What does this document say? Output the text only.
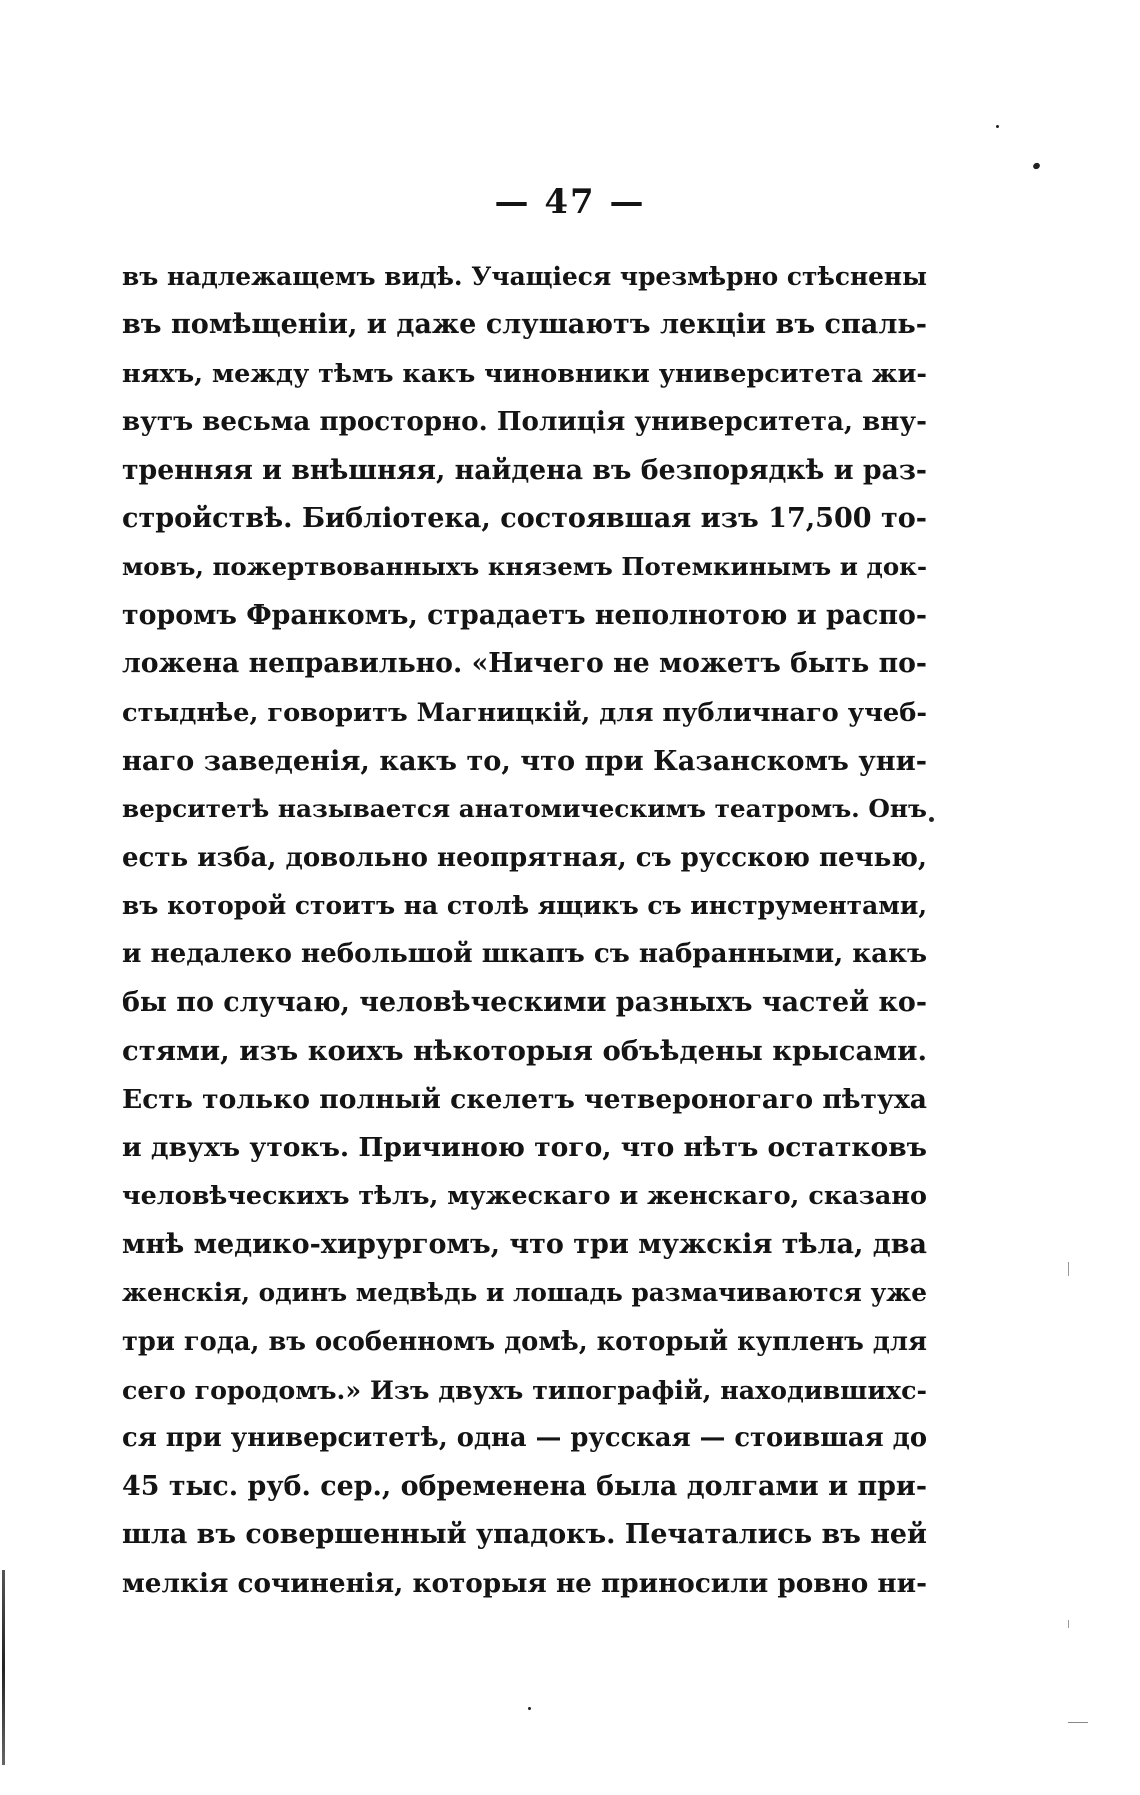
— 47 —
въ надлежащемъ видѣ. Учащіеся чрезмѣрно стѣснены
въ помѣщеніи, и даже слушаютъ лекціи въ спаль-
няхъ, между тѣмъ какъ чиновники университета жи-
вутъ весьма просторно. Полиція университета, вну-
тренняя и внѣшняя, найдена въ безпорядкѣ и раз-
стройствѣ. Библіотека, состоявшая изъ 17,500 то-
мовъ, пожертвованныхъ княземъ Потемкинымъ и док-
торомъ Франкомъ, страдаетъ неполнотою и распо-
ложена неправильно. «Ничего не можетъ быть по-
стыднѣе, говоритъ Магницкій, для публичнаго учеб-
наго заведенія, какъ то, что при Казанскомъ уни-
верситетѣ называется анатомическимъ театромъ. Онъ
есть изба, довольно неопрятная, съ русскою печью,
въ которой стоитъ на столѣ ящикъ съ инструментами,
и недалеко небольшой шкапъ съ набранными, какъ
бы по случаю, человѣческими разныхъ частей ко-
стями, изъ коихъ нѣкоторыя объѣдены крысами.
Есть только полный скелетъ четвероногаго пѣтуха
и двухъ утокъ. Причиною того, что нѣтъ остатковъ
человѣческихъ тѣлъ, мужескаго и женскаго, сказано
мнѣ медико-хирургомъ, что три мужскія тѣла, два
женскія, одинъ медвѣдь и лошадь размачиваются уже
три года, въ особенномъ домѣ, который купленъ для
сего городомъ.» Изъ двухъ типографій, находившихс-
ся при университетѣ, одна — русская — стоившая до
45 тыс. руб. сер., обременена была долгами и при-
шла въ совершенный упадокъ. Печатались въ ней
мелкія сочиненія, которыя не приносили ровно ни-
